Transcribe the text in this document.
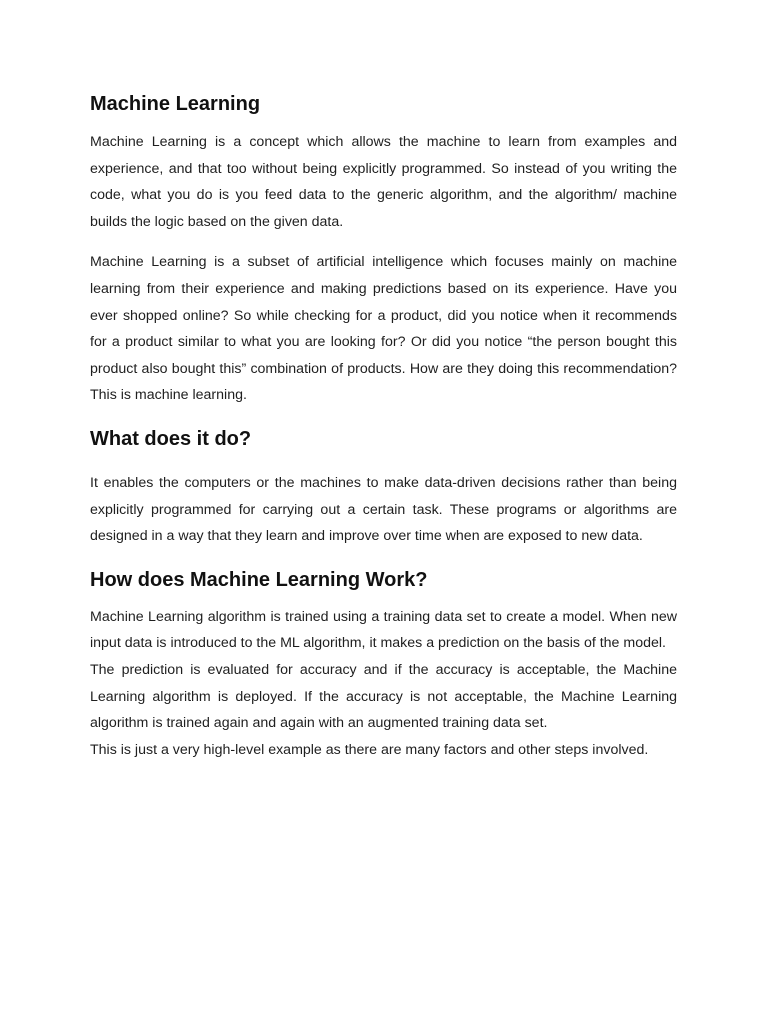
Machine Learning

Machine Learning is a concept which allows the machine to learn from examples and experience, and that too without being explicitly programmed. So instead of you writing the code, what you do is you feed data to the generic algorithm, and the algorithm/ machine builds the logic based on the given data.

Machine Learning is a subset of artificial intelligence which focuses mainly on machine learning from their experience and making predictions based on its experience. Have you ever shopped online? So while checking for a product, did you notice when it recommends for a product similar to what you are looking for? Or did you notice “the person bought this product also bought this” combination of products. How are they doing this recommendation? This is machine learning.

What does it do?

It enables the computers or the machines to make data-driven decisions rather than being explicitly programmed for carrying out a certain task. These programs or algorithms are designed in a way that they learn and improve over time when are exposed to new data.

How does Machine Learning Work?

Machine Learning algorithm is trained using a training data set to create a model. When new input data is introduced to the ML algorithm, it makes a prediction on the basis of the model.

The prediction is evaluated for accuracy and if the accuracy is acceptable, the Machine Learning algorithm is deployed. If the accuracy is not acceptable, the Machine Learning algorithm is trained again and again with an augmented training data set.

This is just a very high-level example as there are many factors and other steps involved.
